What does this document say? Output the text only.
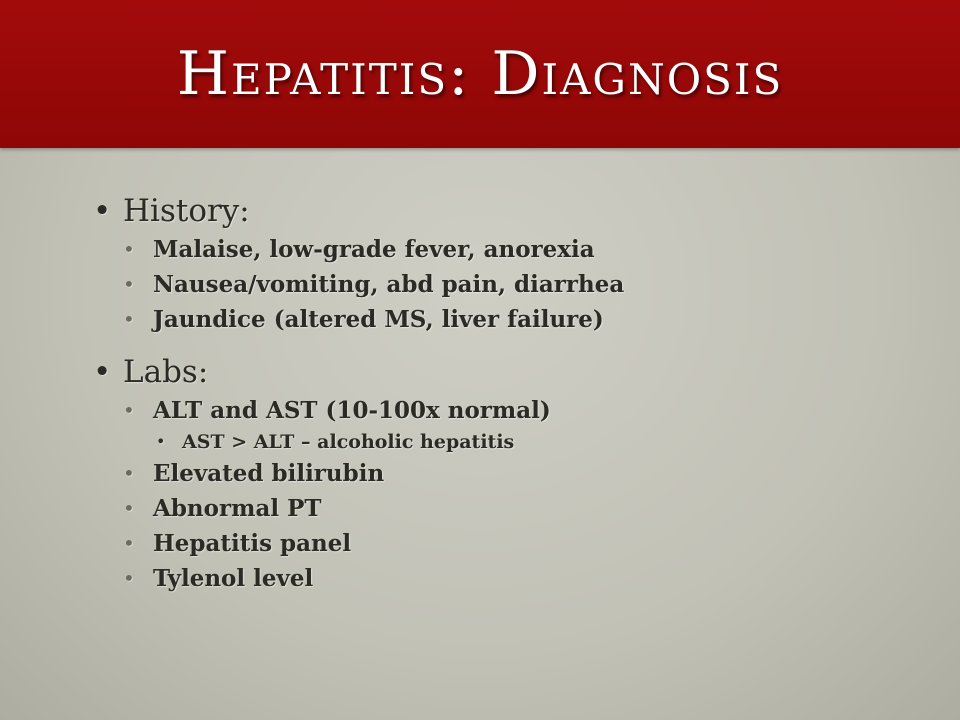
Hepatitis: Diagnosis
• History:
• Malaise, low-grade fever, anorexia
• Nausea/vomiting, abd pain, diarrhea
• Jaundice (altered MS, liver failure)
• Labs:
• ALT and AST (10-100x normal)
• AST > ALT – alcoholic hepatitis
• Elevated bilirubin
• Abnormal PT
• Hepatitis panel
• Tylenol level
